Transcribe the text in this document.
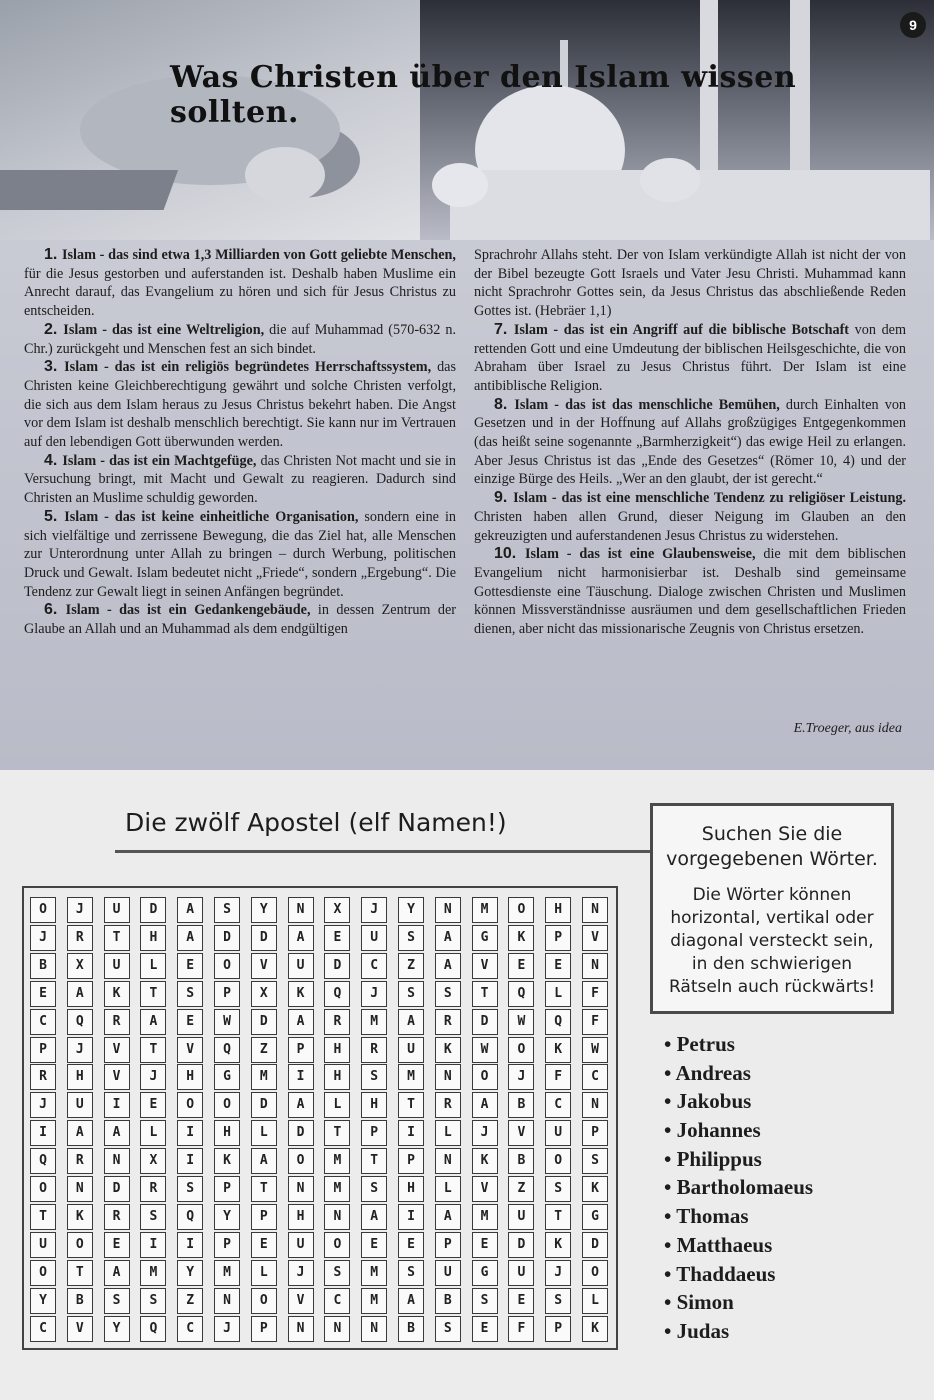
Was Christen über den Islam wissen sollten.
9

1. Islam - das sind etwa 1,3 Milliarden von Gott geliebte Menschen, für die Jesus gestorben und auferstanden ist. Deshalb haben Muslime ein Anrecht darauf, das Evangelium zu hören und sich für Jesus Christus zu entscheiden.

2. Islam - das ist eine Weltreligion, die auf Muhammad (570-632 n. Chr.) zurückgeht und Menschen fest an sich bindet.

3. Islam - das ist ein religiös begründetes Herrschaftssystem, das Christen keine Gleichberechtigung gewährt und solche Christen verfolgt, die sich aus dem Islam heraus zu Jesus Christus bekehrt haben. Die Angst vor dem Islam ist deshalb menschlich berechtigt. Sie kann nur im Vertrauen auf den lebendigen Gott überwunden werden.

4. Islam - das ist ein Machtgefüge, das Christen Not macht und sie in Versuchung bringt, mit Macht und Gewalt zu reagieren. Dadurch sind Christen an Muslime schuldig geworden.

5. Islam - das ist keine einheitliche Organisation, sondern eine in sich vielfältige und zerrissene Bewegung, die das Ziel hat, alle Menschen zur Unterordnung unter Allah zu bringen – durch Werbung, politischen Druck und Gewalt. Islam bedeutet nicht „Friede“, sondern „Ergebung“. Die Tendenz zur Gewalt liegt in seinen Anfängen begründet.

6. Islam - das ist ein Gedankengebäude, in dessen Zentrum der Glaube an Allah und an Muhammad als dem endgültigen

Sprachrohr Allahs steht. Der von Islam verkündigte Allah ist nicht der von der Bibel bezeugte Gott Israels und Vater Jesu Christi. Muhammad kann nicht Sprachrohr Gottes sein, da Jesus Christus das abschließende Reden Gottes ist. (Hebräer 1,1)

7. Islam - das ist ein Angriff auf die biblische Botschaft von dem rettenden Gott und eine Umdeutung der biblischen Heilsgeschichte, die von Abraham über Israel zu Jesus Christus führt. Der Islam ist eine antibiblische Religion.

8. Islam - das ist das menschliche Bemühen, durch Einhalten von Gesetzen und in der Hoffnung auf Allahs großzügiges Entgegenkommen (das heißt seine sogenannte „Barmherzigkeit“) das ewige Heil zu erlangen. Aber Jesus Christus ist das „Ende des Gesetzes“ (Römer 10, 4) und der einzige Bürge des Heils. „Wer an den glaubt, der ist gerecht.“

9. Islam - das ist eine menschliche Tendenz zu religiöser Leistung. Christen haben allen Grund, dieser Neigung im Glauben an den gekreuzigten und auferstandenen Jesus Christus zu widerstehen.

10. Islam - das ist eine Glaubensweise, die mit dem biblischen Evangelium nicht harmonisierbar ist. Deshalb sind gemeinsame Gottesdienste eine Täuschung. Dialoge zwischen Christen und Muslimen können Missverständnisse ausräumen und dem gesellschaftlichen Frieden dienen, aber nicht das missionarische Zeugnis von Christus ersetzen.

E.Troeger, aus idea
Die zwölf Apostel (elf Namen!)	Suchen Sie die vorgegebenen Wörter.
Die Wörter können horizontal, vertikal oder diagonal versteckt sein, in den schwierigen Rätseln auch rückwärts!
O	J	U	D	A	S	Y	N	X	J	Y	N	M	O	H	N
J	R	T	H	A	D	D	A	E	U	S	A	G	K	P	V
B	X	U	L	E	O	V	U	D	C	Z	A	V	E	E	N
E	A	K	T	S	P	X	K	Q	J	S	S	T	Q	L	F
C	Q	R	A	E	W	D	A	R	M	A	R	D	W	Q	F
P	J	V	T	V	Q	Z	P	H	R	U	K	W	O	K	W
R	H	V	J	H	G	M	I	H	S	M	N	O	J	F	C
J	U	I	E	O	O	D	A	L	H	T	R	A	B	C	N
I	A	A	L	I	H	L	D	T	P	I	L	J	V	U	P
Q	R	N	X	I	K	A	O	M	T	P	N	K	B	O	S
O	N	D	R	S	P	T	N	M	S	H	L	V	Z	S	K
T	K	R	S	Q	Y	P	H	N	A	I	A	M	U	T	G
U	O	E	I	I	P	E	U	O	E	E	P	E	D	K	D
O	T	A	M	Y	M	L	J	S	M	S	U	G	U	J	O
Y	B	S	S	Z	N	O	V	C	M	A	B	S	E	S	L
C	V	Y	Q	C	J	P	N	N	N	B	S	E	F	P	K
• Petrus
• Andreas
• Jakobus
• Johannes
• Philippus
• Bartholomaeus
• Thomas
• Matthaeus
• Thaddaeus
• Simon
• Judas
